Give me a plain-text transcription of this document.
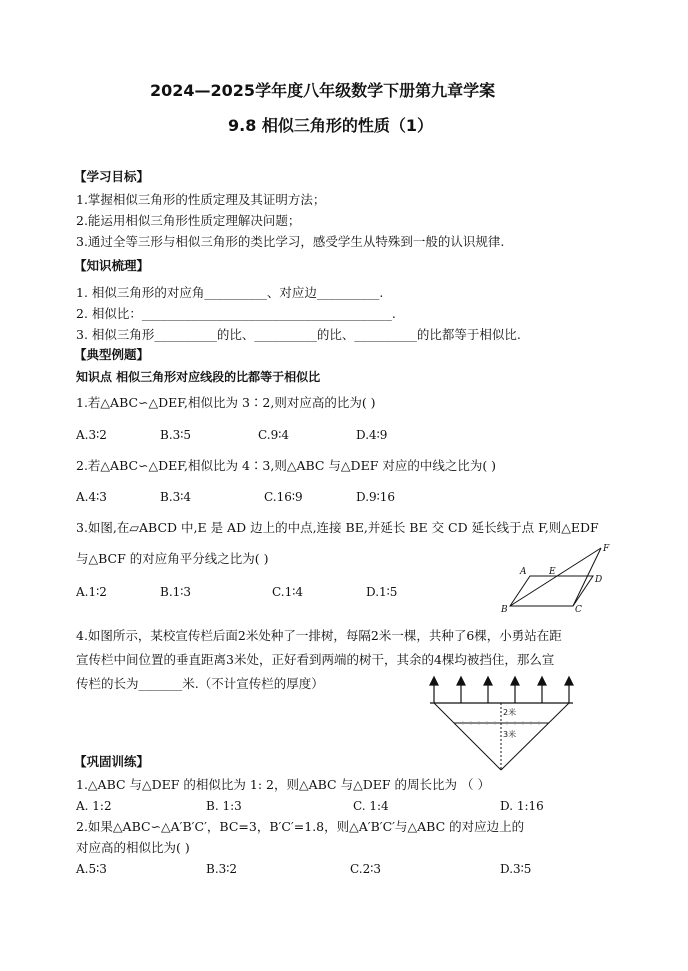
2024—2025学年度八年级数学下册第九章学案
9.8 相似三角形的性质（1）
【学习目标】
1.掌握相似三角形的性质定理及其证明方法；
2.能运用相似三角形性质定理解决问题；
3.通过全等三形与相似三角形的类比学习，感受学生从特殊到一般的认识规律.
【知识梳理】
1. 相似三角形的对应角__________、对应边__________.
2. 相似比：________________________________________.
3. 相似三角形__________的比、__________的比、__________的比都等于相似比.
【典型例题】
知识点 相似三角形对应线段的比都等于相似比
1.若△ABC∽△DEF,相似比为 3∶2,则对应高的比为( )
A.3∶2	B.3∶5	C.9∶4	D.4∶9
2.若△ABC∽△DEF,相似比为 4∶3,则△ABC 与△DEF 对应的中线之比为( )
A.4∶3	B.3∶4	C.16∶9	D.9∶16
3.如图,在▱ABCD 中,E 是 AD 边上的中点,连接 BE,并延长 BE 交 CD 延长线于点 F,则△EDF
与△BCF 的对应角平分线之比为( )
A.1∶2	B.1∶3	C.1∶4	D.1∶5
A	E
D
F
B	C
4.如图所示，某校宣传栏后面2米处种了一排树，每隔2米一棵，共种了6棵，小勇站在距
宣传栏中间位置的垂直距离3米处，正好看到两端的树干，其余的4棵均被挡住，那么宣
传栏的长为_______米.（不计宣传栏的厚度）
2米
3米
【巩固训练】
1.△ABC 与△DEF 的相似比为 1: 2，则△ABC 与△DEF 的周长比为 （ ）
A. 1:2	B. 1:3	C. 1:4	D. 1:16
2.如果△ABC∽△A′B′C′，BC=3，B′C′=1.8，则△A′B′C′与△ABC 的对应边上的
对应高的相似比为( )
A.5∶3	B.3∶2	C.2∶3	D.3∶5
